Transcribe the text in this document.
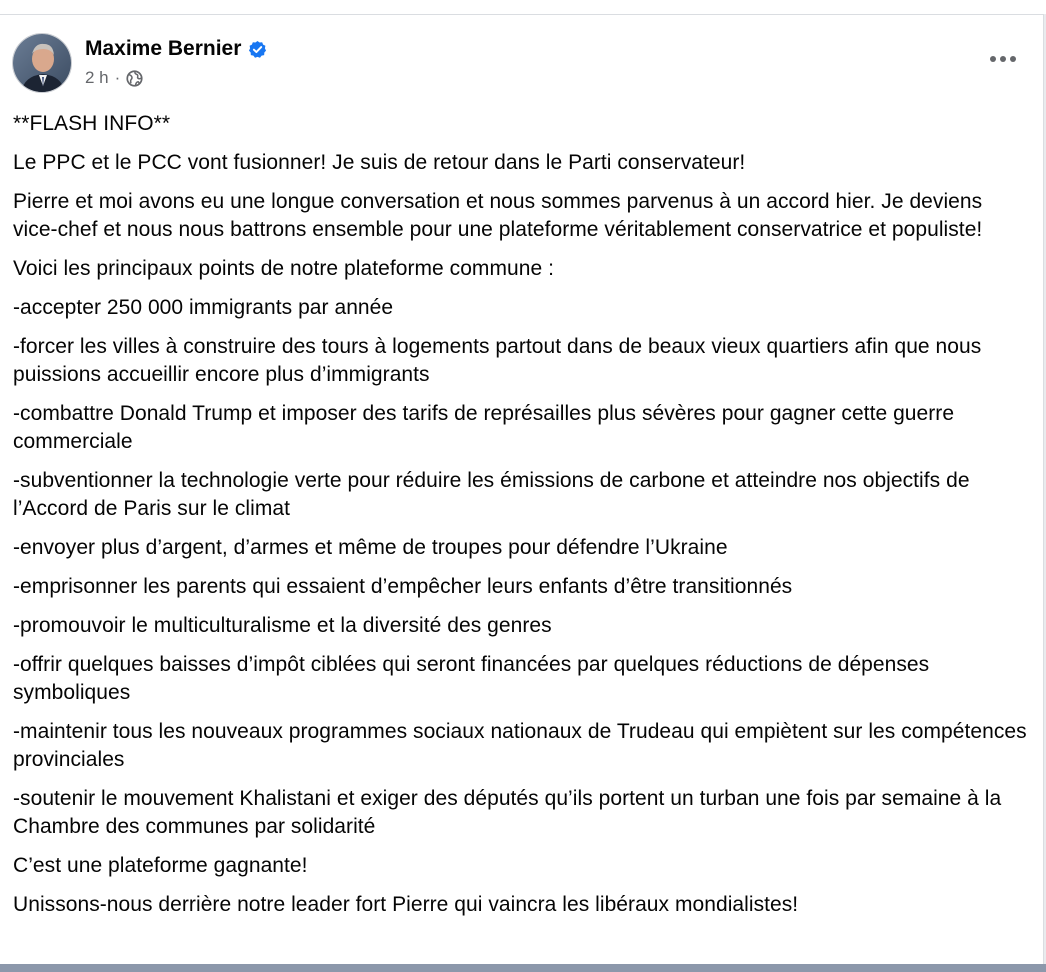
Maxime Bernier
2 h ·

**FLASH INFO**

Le PPC et le PCC vont fusionner! Je suis de retour dans le Parti conservateur!

Pierre et moi avons eu une longue conversation et nous sommes parvenus à un accord hier. Je deviens vice-chef et nous nous battrons ensemble pour une plateforme véritablement conservatrice et populiste!

Voici les principaux points de notre plateforme commune :

-accepter 250 000 immigrants par année

-forcer les villes à construire des tours à logements partout dans de beaux vieux quartiers afin que nous puissions accueillir encore plus d’immigrants

-combattre Donald Trump et imposer des tarifs de représailles plus sévères pour gagner cette guerre commerciale

-subventionner la technologie verte pour réduire les émissions de carbone et atteindre nos objectifs de l’Accord de Paris sur le climat

-envoyer plus d’argent, d’armes et même de troupes pour défendre l’Ukraine

-emprisonner les parents qui essaient d’empêcher leurs enfants d’être transitionnés

-promouvoir le multiculturalisme et la diversité des genres

-offrir quelques baisses d’impôt ciblées qui seront financées par quelques réductions de dépenses symboliques

-maintenir tous les nouveaux programmes sociaux nationaux de Trudeau qui empiètent sur les compétences provinciales

-soutenir le mouvement Khalistani et exiger des députés qu’ils portent un turban une fois par semaine à la Chambre des communes par solidarité

C’est une plateforme gagnante!

Unissons-nous derrière notre leader fort Pierre qui vaincra les libéraux mondialistes!
